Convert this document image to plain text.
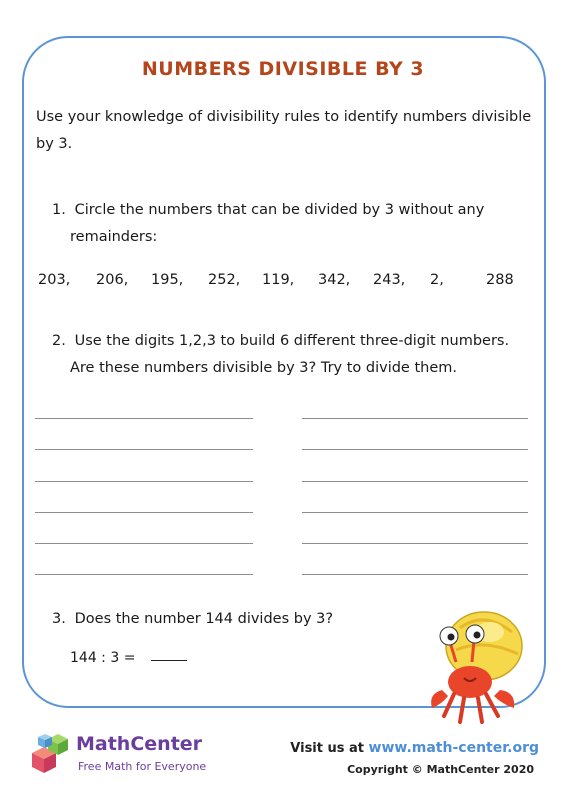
NUMBERS DIVISIBLE BY 3
Use your knowledge of divisibility rules to identify numbers divisible by 3.
1. Circle the numbers that can be divided by 3 without any
remainders:
203, 206, 195, 252, 119, 342, 243, 2,	288
2. Use the digits 1,2,3 to build 6 different three-digit numbers.
Are these numbers divisible by 3? Try to divide them.
3. Does the number 144 divides by 3?
144 : 3 =
MathCenter
Free Math for Everyone
Visit us at www.math-center.org
Copyright © MathCenter 2020
